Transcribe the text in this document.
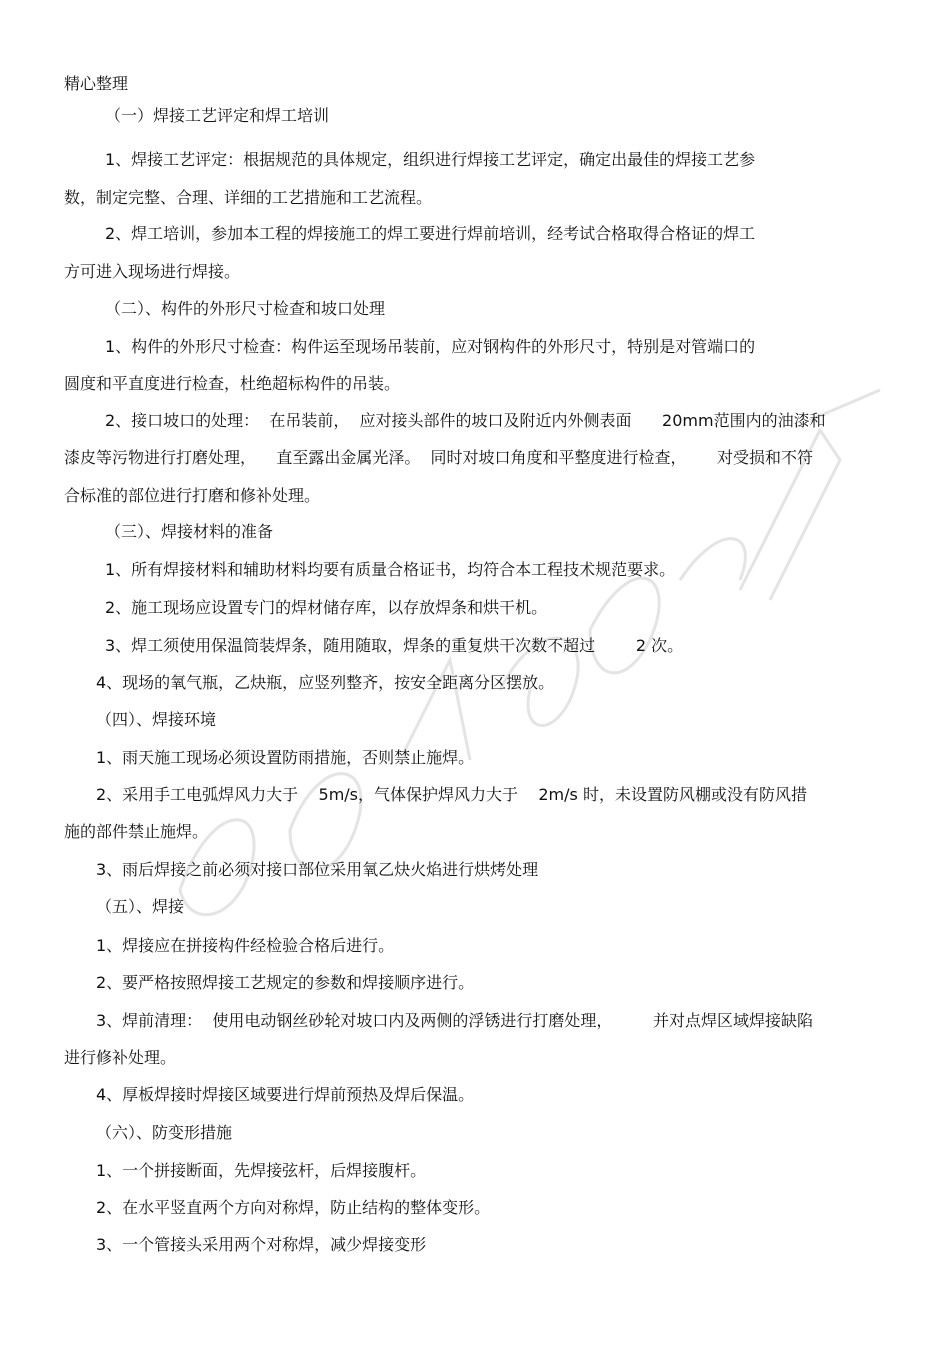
精心整理
（一）焊接工艺评定和焊工培训
1、焊接工艺评定：根据规范的具体规定，组织进行焊接工艺评定，确定出最佳的焊接工艺参
数，制定完整、合理、详细的工艺措施和工艺流程。
2、焊工培训，参加本工程的焊接施工的焊工要进行焊前培训，经考试合格取得合格证的焊工
方可进入现场进行焊接。
（二）、构件的外形尺寸检查和坡口处理
1、构件的外形尺寸检查：构件运至现场吊装前，应对钢构件的外形尺寸，特别是对管端口的
圆度和平直度进行检查，杜绝超标构件的吊装。
2、接口坡口的处理：  在吊装前，  应对接头部件的坡口及附近内外侧表面      20mm范围内的油漆和
漆皮等污物进行打磨处理，    直至露出金属光泽。  同时对坡口角度和平整度进行检查，      对受损和不符
合标准的部位进行打磨和修补处理。
（三）、焊接材料的准备
1、所有焊接材料和辅助材料均要有质量合格证书，均符合本工程技术规范要求。
2、施工现场应设置专门的焊材储存库，以存放焊条和烘干机。
3、焊工须使用保温筒装焊条，随用随取，焊条的重复烘干次数不超过        2 次。
4、现场的氧气瓶，乙炔瓶，应竖列整齐，按安全距离分区摆放。
（四）、焊接环境
1、雨天施工现场必须设置防雨措施，否则禁止施焊。
2、采用手工电弧焊风力大于    5m/s，气体保护焊风力大于    2m/s 时，未设置防风棚或没有防风措
施的部件禁止施焊。
3、雨后焊接之前必须对接口部位采用氧乙炔火焰进行烘烤处理
（五）、焊接
1、焊接应在拼接构件经检验合格后进行。
2、要严格按照焊接工艺规定的参数和焊接顺序进行。
3、焊前清理：  使用电动钢丝砂轮对坡口内及两侧的浮锈进行打磨处理，        并对点焊区域焊接缺陷
进行修补处理。
4、厚板焊接时焊接区域要进行焊前预热及焊后保温。
（六）、防变形措施
1、一个拼接断面，先焊接弦杆，后焊接腹杆。
2、在水平竖直两个方向对称焊，防止结构的整体变形。
3、一个管接头采用两个对称焊，减少焊接变形
